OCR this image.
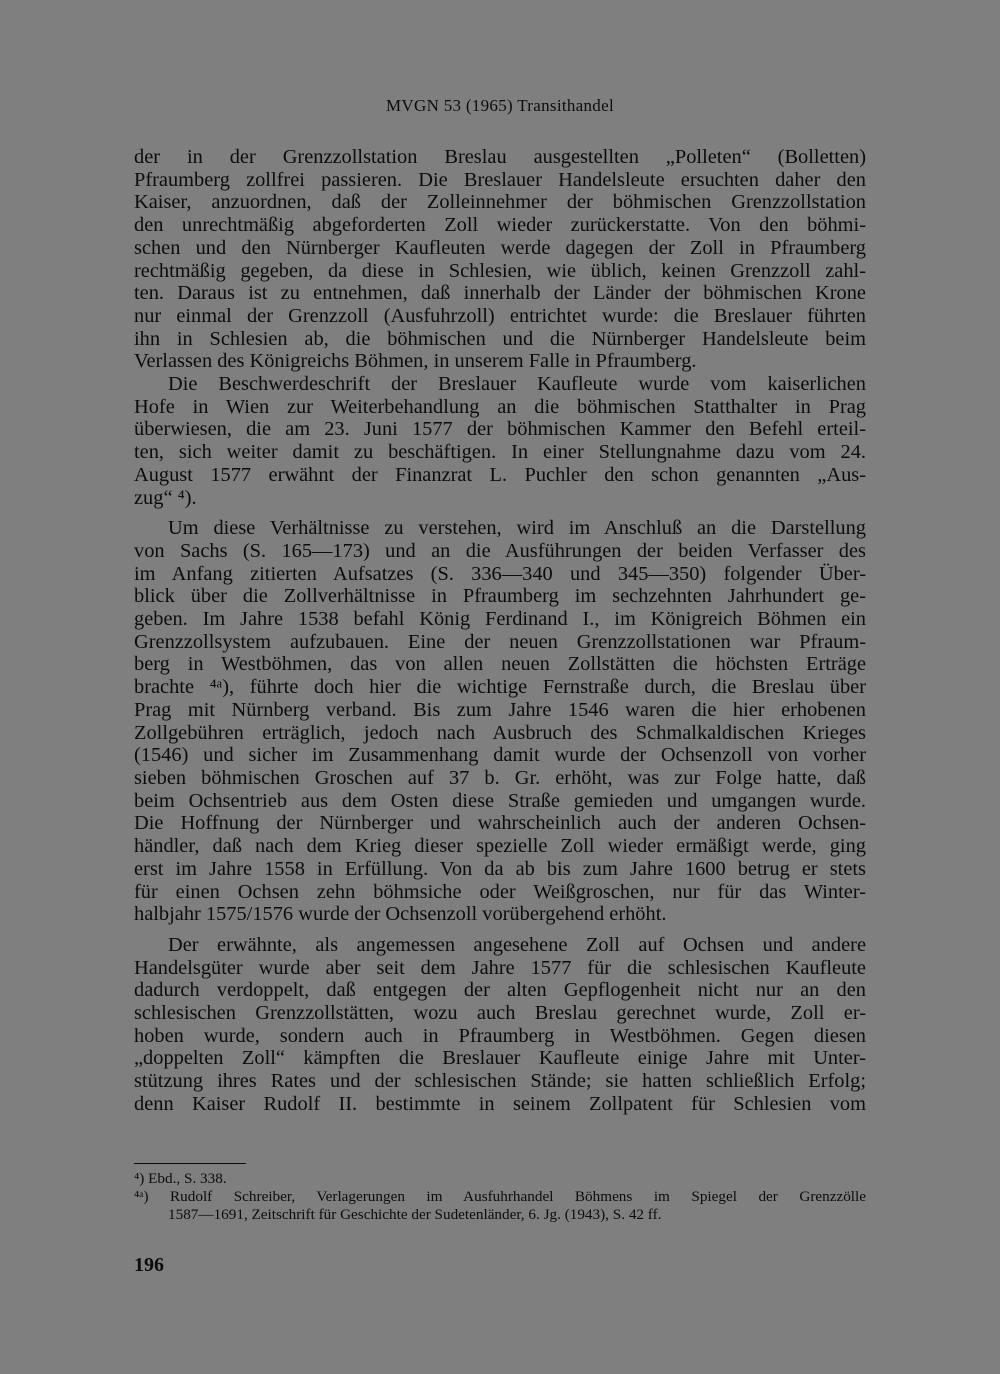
MVGN 53 (1965) Transithandel
der in der Grenzzollstation Breslau ausgestellten „Polleten“ (Bolletten)
Pfraumberg zollfrei passieren. Die Breslauer Handelsleute ersuchten daher den
Kaiser, anzuordnen, daß der Zolleinnehmer der böhmischen Grenzzollstation
den unrechtmäßig abgeforderten Zoll wieder zurückerstatte. Von den böhmi-
schen und den Nürnberger Kaufleuten werde dagegen der Zoll in Pfraumberg
rechtmäßig gegeben, da diese in Schlesien, wie üblich, keinen Grenzzoll zahl-
ten. Daraus ist zu entnehmen, daß innerhalb der Länder der böhmischen Krone
nur einmal der Grenzzoll (Ausfuhrzoll) entrichtet wurde: die Breslauer führten
ihn in Schlesien ab, die böhmischen und die Nürnberger Handelsleute beim
Verlassen des Königreichs Böhmen, in unserem Falle in Pfraumberg.
Die Beschwerdeschrift der Breslauer Kaufleute wurde vom kaiserlichen
Hofe in Wien zur Weiterbehandlung an die böhmischen Statthalter in Prag
überwiesen, die am 23. Juni 1577 der böhmischen Kammer den Befehl erteil-
ten, sich weiter damit zu beschäftigen. In einer Stellungnahme dazu vom 24.
August 1577 erwähnt der Finanzrat L. Puchler den schon genannten „Aus-
zug“ ⁴).
Um diese Verhältnisse zu verstehen, wird im Anschluß an die Darstellung
von Sachs (S. 165—173) und an die Ausführungen der beiden Verfasser des
im Anfang zitierten Aufsatzes (S. 336—340 und 345—350) folgender Über-
blick über die Zollverhältnisse in Pfraumberg im sechzehnten Jahrhundert ge-
geben. Im Jahre 1538 befahl König Ferdinand I., im Königreich Böhmen ein
Grenzzollsystem aufzubauen. Eine der neuen Grenzzollstationen war Pfraum-
berg in Westböhmen, das von allen neuen Zollstätten die höchsten Erträge
brachte ⁴ᵃ), führte doch hier die wichtige Fernstraße durch, die Breslau über
Prag mit Nürnberg verband. Bis zum Jahre 1546 waren die hier erhobenen
Zollgebühren erträglich, jedoch nach Ausbruch des Schmalkaldischen Krieges
(1546) und sicher im Zusammenhang damit wurde der Ochsenzoll von vorher
sieben böhmischen Groschen auf 37 b. Gr. erhöht, was zur Folge hatte, daß
beim Ochsentrieb aus dem Osten diese Straße gemieden und umgangen wurde.
Die Hoffnung der Nürnberger und wahrscheinlich auch der anderen Ochsen-
händler, daß nach dem Krieg dieser spezielle Zoll wieder ermäßigt werde, ging
erst im Jahre 1558 in Erfüllung. Von da ab bis zum Jahre 1600 betrug er stets
für einen Ochsen zehn böhmsiche oder Weißgroschen, nur für das Winter-
halbjahr 1575/1576 wurde der Ochsenzoll vorübergehend erhöht.
Der erwähnte, als angemessen angesehene Zoll auf Ochsen und andere
Handelsgüter wurde aber seit dem Jahre 1577 für die schlesischen Kaufleute
dadurch verdoppelt, daß entgegen der alten Gepflogenheit nicht nur an den
schlesischen Grenzzollstätten, wozu auch Breslau gerechnet wurde, Zoll er-
hoben wurde, sondern auch in Pfraumberg in Westböhmen. Gegen diesen
„doppelten Zoll“ kämpften die Breslauer Kaufleute einige Jahre mit Unter-
stützung ihres Rates und der schlesischen Stände; sie hatten schließlich Erfolg;
denn Kaiser Rudolf II. bestimmte in seinem Zollpatent für Schlesien vom
⁴) Ebd., S. 338.
⁴ᵃ) Rudolf Schreiber, Verlagerungen im Ausfuhrhandel Böhmens im Spiegel der Grenzzölle
1587—1691, Zeitschrift für Geschichte der Sudetenländer, 6. Jg. (1943), S. 42 ff.
196
